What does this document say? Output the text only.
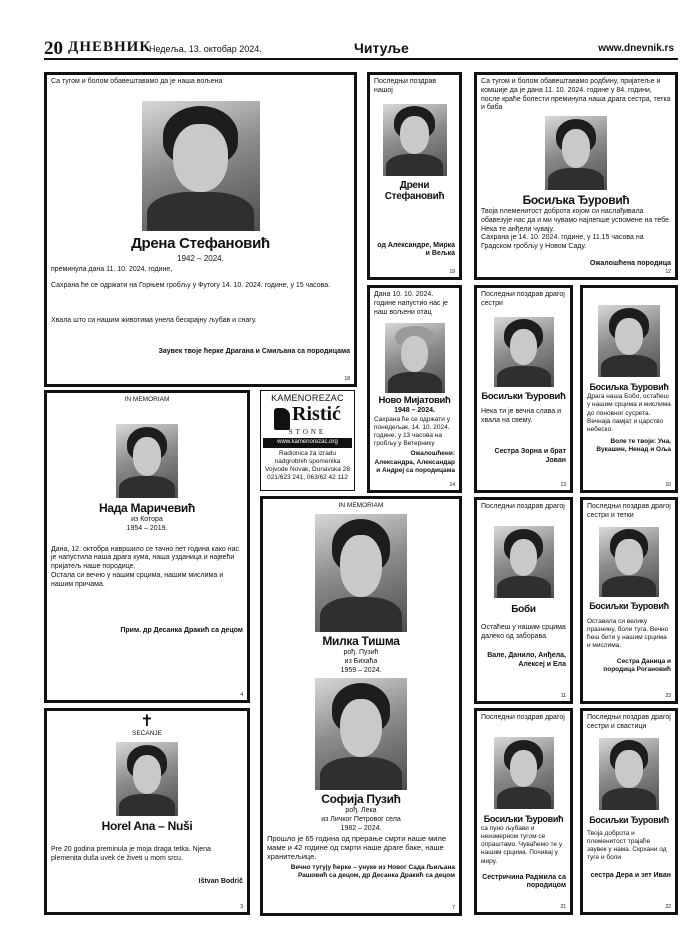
20 ДНЕВНИК
Недеља, 13. октобар 2024.	Читуље	www.dnevnik.rs
Са тугом и болом обавештавамо да је наша вољена
Дрена Стефановић
1942 – 2024.
преминула дана 11. 10. 2024. године,
Сахрана ће се одржати на Горњем гробљу у Футогу 14. 10. 2024. године, у 15 часова.
Хвала што си нашим животима унела бескрајну љубав и снагу.
Заувек твоје ћерке Драгана и Смиљана са породицама
18
Последњи поздрав нашој
Дрени Стефановић
од Александре, Мирка и Вељка
19
Са тугом и болом обавештавамо родбину, пријатеље и комшије да је дана 11. 10. 2024. године у 84. години, после краће болести преминула наша драга сестра, тетка и баба
Босиљка Ђуровић
Твоја племенитост доброта којом си наслађивала обавезује нас да и ми чувамо најлепше успомене на тебе. Нека те анђели чувају.
Сахрана је 14. 10. 2024. године, у 11.15 часова на Градском гробљу у Новом Саду.
Ожалошћена породица
12
IN MEMORIAM
Нада Маричевић
из Котора
1954 – 2019.
Дана, 12. октобра навршило се тачно пет година како нас је напустила наша драга кума, наша узданица и највећи пријатељ наше породице.
Остала си вечно у нашим срцима, нашим мислима и нашим причама.
Прим. др Десанка Дракић са децом
4
KAMENOREZAC
Ristić
STONE
www.kamenorezac.org
Radionica za izradu
nadgrobnih spomenika
Vojvode Novak, Dunavska 28
021/623 241, 063/62 42 112
Дана 10. 10. 2024. године напустио нас је наш вољени отац
Ново Мијатовић
1948 – 2024.
Сахрана ће се одржати у понедељак, 14. 10. 2024. године, у 13 часова на гробљу у Ветернику
Ожалошћени: Александра, Александар и Андреј са породицама
14
Последњи поздрав драгој сестри
Босиљки Ђуровић
Нека ти је вечна слава и хвала на свему.
Сестра Зорна и брат Јован
13
Босиљка Ђуровић
Драга наша Бобо, остаћеш у нашим срцима и мислима до поновног сусрета. Вечнаја памјат и царство небеско.
Воле те твоји: Уна, Вукашин, Ненад и Оља
10
IN MEMORIAM
Милка Тишма
рођ. Пузић
из Бихаћа
1959 – 2024.
Софија Пузић
рођ. Лека
из Личког Петровог села
1982 – 2024.
Прошло је 65 година од прерање смрти наше миле маме и 42 године од смрти наше драге баке, наше хранитељице.
Вечно тугују ћерке – унуке из Новог Сада Љиљана Рашовић са децом, др Десанка Дракић са децом
7
Последњи поздрав драгој
Боби
Остаћеш у нашим срцима далеко од заборава.
Вале, Данило, Анђела, Алексеј и Ела
11
Последњи поздрав драгој сестри и тетки
Босиљки Ђуровић
Оставила си велику празнину, боли туга. Вечно ћеш бити у нашим срцима и мислима.
Сестра Даница и породица Рогановић
23
✝
SEĆANJE
Horel Ana – Nuši
Pre 20 godina preminula je moja draga tetka. Njena plemenita duša uvek će živeti u mom srcu.
Ištvan Bodrič
3
Последњи поздрав драгој
Босиљки Ђуровић
са пуно љубави и неизмерном тугом се опраштамо. Чуваћемо те у нашим срцима. Почивај у миру.
Сестричина Радмила са породицом
21
Последњи поздрав драгој сестри и свастици
Босиљки Ђуровић
Твоја доброта и племенитост трајаће заувек у нама. Скрхани од туге и боли
сестра Дера и зет Иван
22
